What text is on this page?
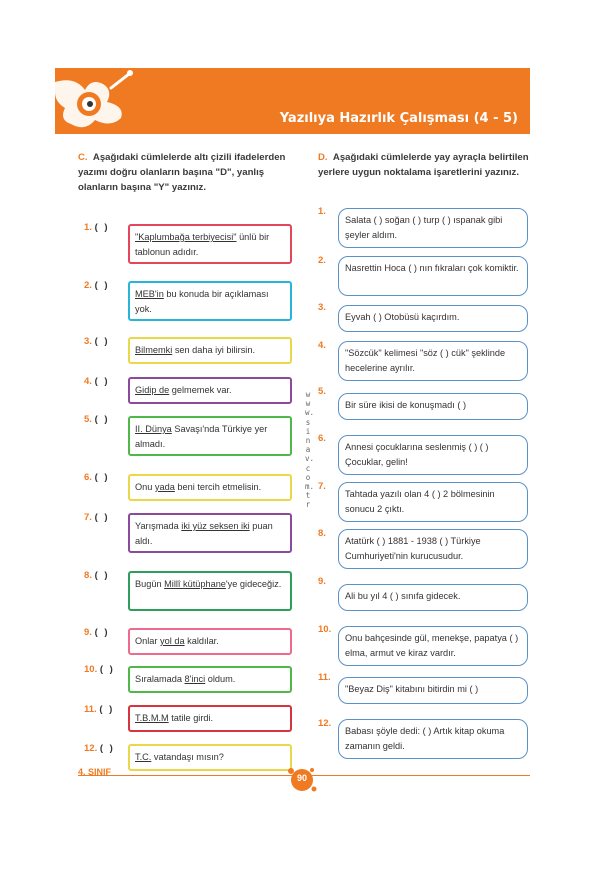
Yazılıya Hazırlık Çalışması (4 - 5)

C. Aşağıdaki cümlelerde altı çizili ifadelerden yazımı doğru olanların başına "D", yanlış olanların başına "Y" yazınız.

1. ( )
2. ( )
3. ( )
4. ( )
5. ( )
6. ( )
7. ( )
8. ( )
9. ( )
10. ( )
11. ( )
12. ( )
"Kaplumbağa terbiyecisi" ünlü bir tablonun adıdır.
MEB'in bu konuda bir açıklaması yok.
Bilmemki sen daha iyi bilirsin.
Gidip de gelmemek var.
II. Dünya Savaşı'nda Türkiye yer almadı.
Onu yada beni tercih etmelisin.
Yarışmada iki yüz seksen iki puan aldı.
Bugün Millî kütüphane'ye gideceğiz.
Onlar yol da kaldılar.
Sıralamada 8'inci oldum.
T.B.M.M tatile girdi.
T.C. vatandaşı mısın?
www.sinav.com.tr

D. Aşağıdaki cümlelerde yay ayraçla belirtilen yerlere uygun noktalama işaretlerini yazınız.

1.
Salata ( ) soğan ( ) turp ( ) ıspanak gibi şeyler aldım.
2.
Nasrettin Hoca ( ) nın fıkraları çok komiktir.
3.
Eyvah ( ) Otobüsü kaçırdım.
4.
"Sözcük" kelimesi "söz ( ) cük" şeklinde hecelerine ayrılır.
5.
Bir süre ikisi de konuşmadı ( )
6.
Annesi çocuklarına seslenmiş ( ) ( ) Çocuklar, gelin!
7.
Tahtada yazılı olan 4 ( ) 2 bölmesinin sonucu 2 çıktı.
8.
Atatürk ( ) 1881 - 1938 ( ) Türkiye Cumhuriyeti'nin kurucusudur.
9.
Ali bu yıl 4 ( ) sınıfa gidecek.
10.
Onu bahçesinde gül, menekşe, papatya ( ) elma, armut ve kiraz vardır.
11.
"Beyaz Diş" kitabını bitirdin mi ( )
12.
Babası şöyle dedi: ( ) Artık kitap okuma zamanın geldi.
4. SINIF
90
